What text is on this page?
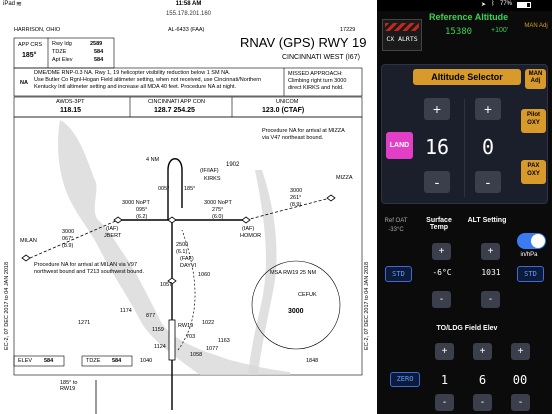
iPad ≋	11:58 AM
155.178.201.160
➤ ᛒ 77%
HARRISON, OHIO	AL-6433 (FAA)	17229
RNAV (GPS) RWY 19
CINCINNATI WEST (I67)
APP CRS
185°
Rwy Idg	2589
TDZE	584
Apt Elev	584
DME/DME RNP-0.3 NA. Rwy 1, 19 helicopter visibility reduction below 1 SM NA.
Use Butler Co Rgnl-Hogan Field altimeter setting, when not received, use Cincinnati/Northern
Kentucky Intl altimeter setting and increase all MDA 40 feet. Procedure NA at night.
NA
MISSED APPROACH:
Climbing right turn 3000
direct KIRKS and hold.
AWOS-3PT
118.15
CINCINNATI APP CON
128.7 254.25
UNICOM
123.0 (CTAF)
Procedure NA for arrival at MIZZA
via V47 northeast bound.
Procedure NA for arrival at MILAN via V97
northwest bound and T213 southwest bound.
(IF/IAF)
KIRKS
(IAF)
JBERT
(IAF)
HOMOR
MIZZA
MILAN
(FAF)
DAYVI
RW19
CEFUK
3000 NoPT
095°
(6.2)
3000 NoPT
275°
(6.0)
4 NM
185°
005°	3000
261°
(8.9)
3000
067°
(8.9)	2500
(6.1)
MSA RW19 25 NM
3000
1902
1060
1057
1174
877
1271
1159
703
1022
1163
1124	1077
1058
1040	1848
ELEV 584	TDZE 584
185° to RW19
EC-2, 07 DEC 2017 to 04 JAN 2018	EC-2, 07 DEC 2017 to 04 JAN 2018
CX ALRTS
Reference Altitude
15380	+100'
MAN Adj
Altitude Selector	MAN Adj
+	+
16	0
-	-
LAND
Pilot OXY
PAX OXY
Ref OAT
-33°C
Surface Temp
ALT Setting
in/hPa
+	+
STD	-6°C	1031	STD
-	-
TO/LDG Field Elev
+	+	+
ZERO	1	6	00
-	-	-
